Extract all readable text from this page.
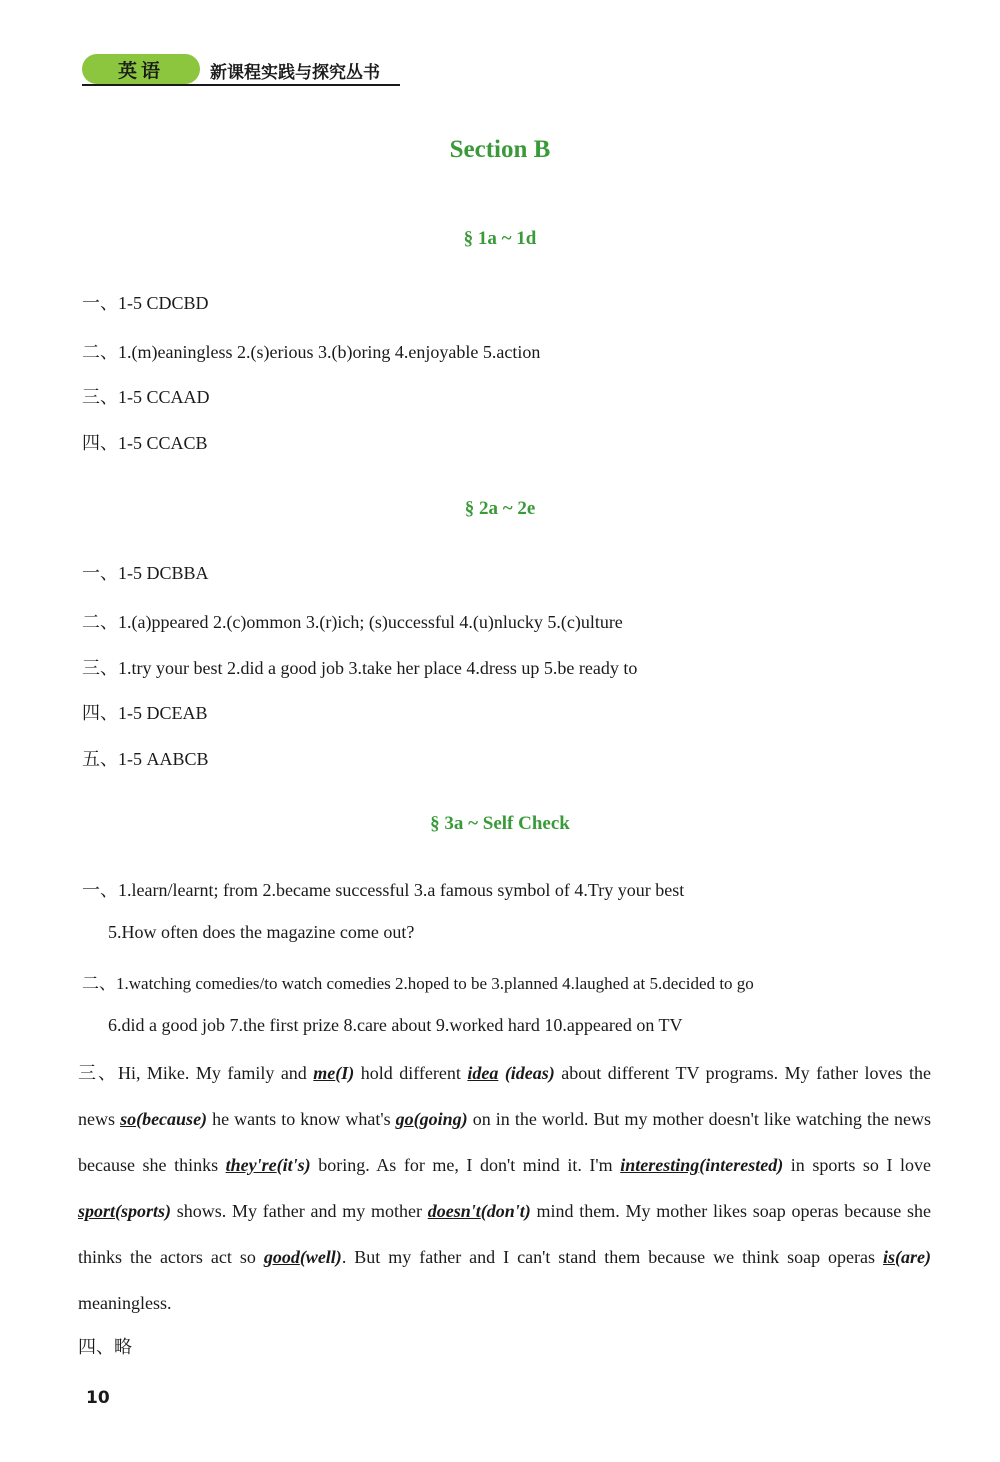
英语	新课程实践与探究丛书
Section B
§ 1a ~ 1d
一、1-5 CDCBD
二、1.(m)eaningless 2.(s)erious 3.(b)oring 4.enjoyable 5.action
三、1-5 CCAAD
四、1-5 CCACB
§ 2a ~ 2e
一、1-5 DCBBA
二、1.(a)ppeared 2.(c)ommon 3.(r)ich; (s)uccessful 4.(u)nlucky 5.(c)ulture
三、1.try your best 2.did a good job 3.take her place 4.dress up 5.be ready to
四、1-5 DCEAB
五、1-5 AABCB
§ 3a ~ Self Check
一、1.learn/learnt; from 2.became successful 3.a famous symbol of 4.Try your best
5.How often does the magazine come out?
二、1.watching comedies/to watch comedies 2.hoped to be 3.planned 4.laughed at 5.decided to go
6.did a good job 7.the first prize 8.care about 9.worked hard 10.appeared on TV
三、Hi, Mike. My family and me(I) hold different idea (ideas) about different TV programs. My father loves the news so(because) he wants to know what's go(going) on in the world. But my mother doesn't like watching the news because she thinks they're(it's) boring. As for me, I don't mind it. I'm interesting(interested) in sports so I love sport(sports) shows. My father and my mother doesn't(don't) mind them. My mother likes soap operas because she thinks the actors act so good(well). But my father and I can't stand them because we think soap operas is(are) meaningless.
四、略
10
